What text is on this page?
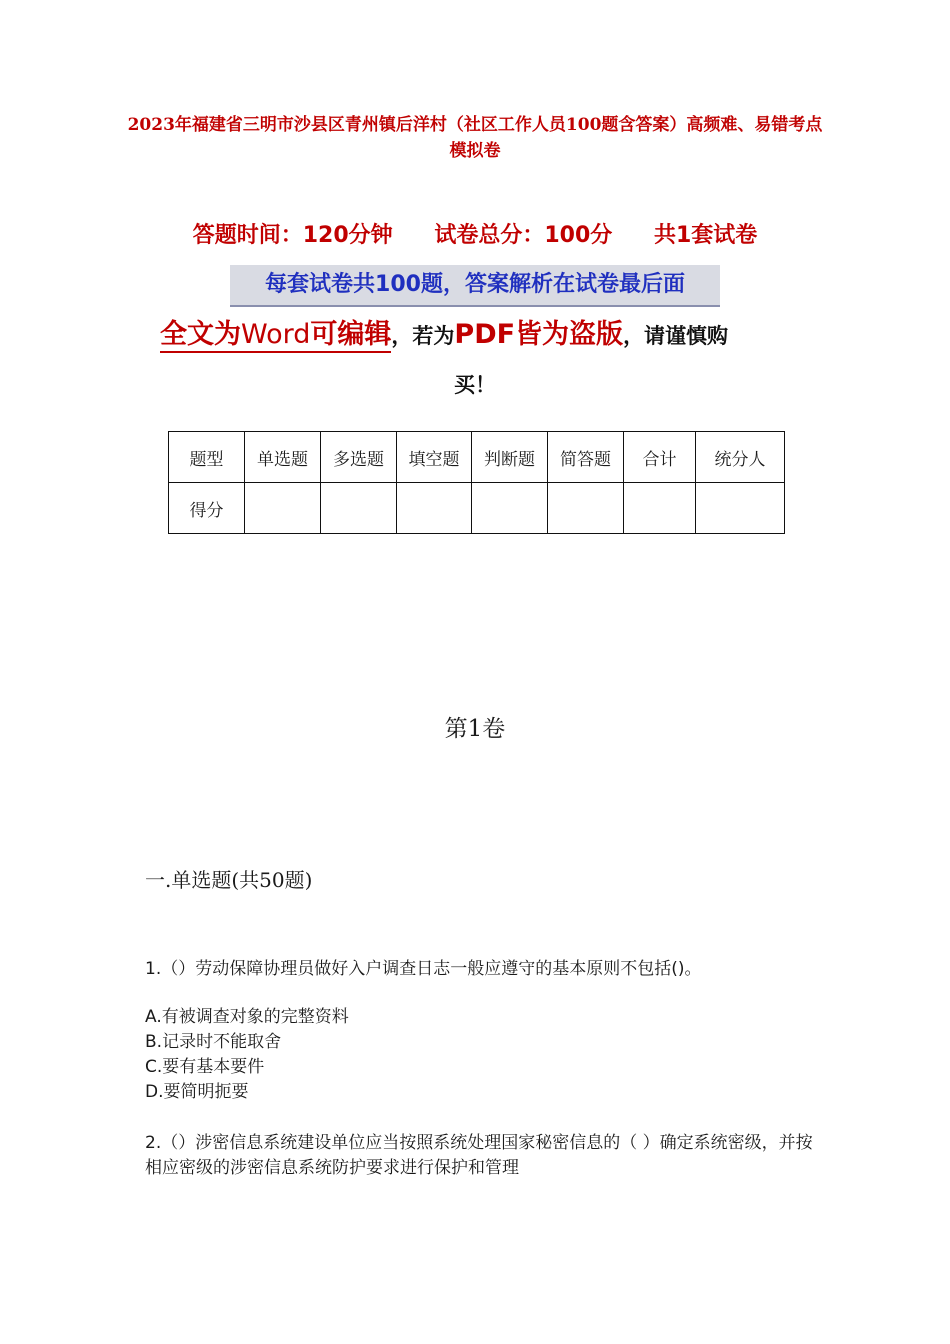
2023年福建省三明市沙县区青州镇后洋村（社区工作人员100题含答案）高频难、易错考点模拟卷
答题时间：120分钟 试卷总分：100分 共1套试卷
每套试卷共100题，答案解析在试卷最后面
全文为Word可编辑，若为PDF皆为盗版，请谨慎购
买！
题型	单选题	多选题	填空题	判断题	简答题	合计	统分人
得分							
第1卷
一.单选题(共50题)
1.（）劳动保障协理员做好入户调查日志一般应遵守的基本原则不包括()。
A.有被调查对象的完整资料
B.记录时不能取舍
C.要有基本要件
D.要简明扼要
2.（）涉密信息系统建设单位应当按照系统处理国家秘密信息的（ ）确定系统密级，并按相应密级的涉密信息系统防护要求进行保护和管理
